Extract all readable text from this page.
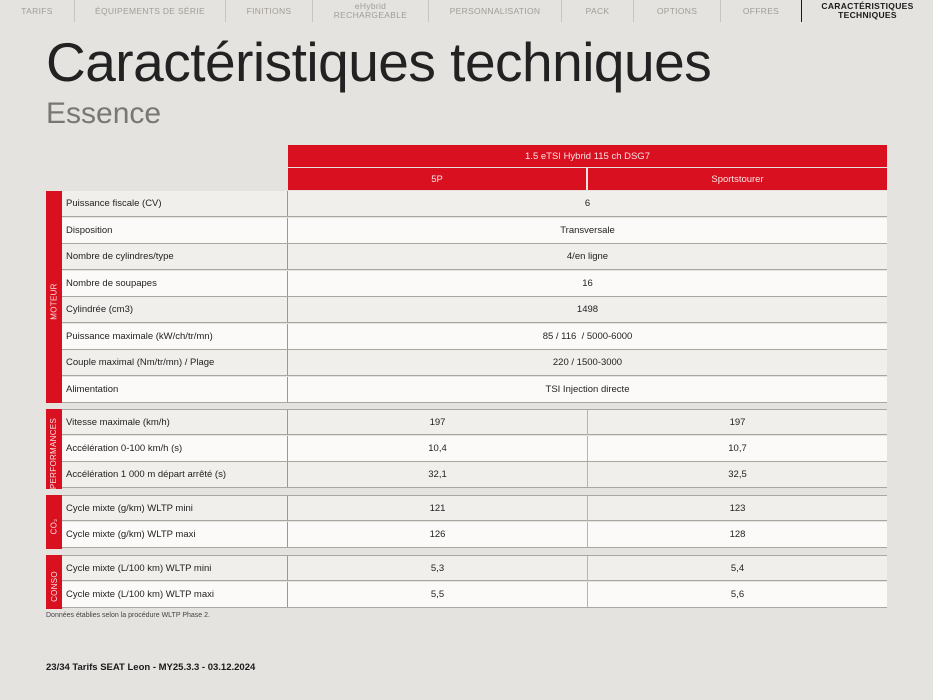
TARIFS	ÉQUIPEMENTS DE SÉRIE	FINITIONS	eHybrid
RECHARGEABLE	PERSONNALISATION	PACK	OPTIONS	OFFRES	CARACTÉRISTIQUES
TECHNIQUES
Caractéristiques techniques
Essence
1.5 eTSI Hybrid 115 ch DSG7
5P	Sportstourer
MOTEUR
Puissance fiscale (CV)	6
Disposition	Transversale
Nombre de cylindres/type	4/en ligne
Nombre de soupapes	16
Cylindrée (cm3)	1498
Puissance maximale (kW/ch/tr/mn)	85 / 116  / 5000-6000
Couple maximal (Nm/tr/mn) / Plage	220 / 1500-3000
Alimentation	TSI Injection directe
PERFORMANCES Vitesse maximale (km/h)	197	197
Accélération 0-100 km/h (s)	10,4	10,7
Accélération 1 000 m départ arrêté (s)	32,1	32,5
CO₂
Cycle mixte (g/km) WLTP mini	121	123
Cycle mixte (g/km) WLTP maxi	126	128
CONSO
Cycle mixte (L/100 km) WLTP mini	5,3	5,4
Cycle mixte (L/100 km) WLTP maxi	5,5	5,6
Données établies selon la procédure WLTP Phase 2.
23/34 Tarifs SEAT Leon - MY25.3.3 - 03.12.2024
